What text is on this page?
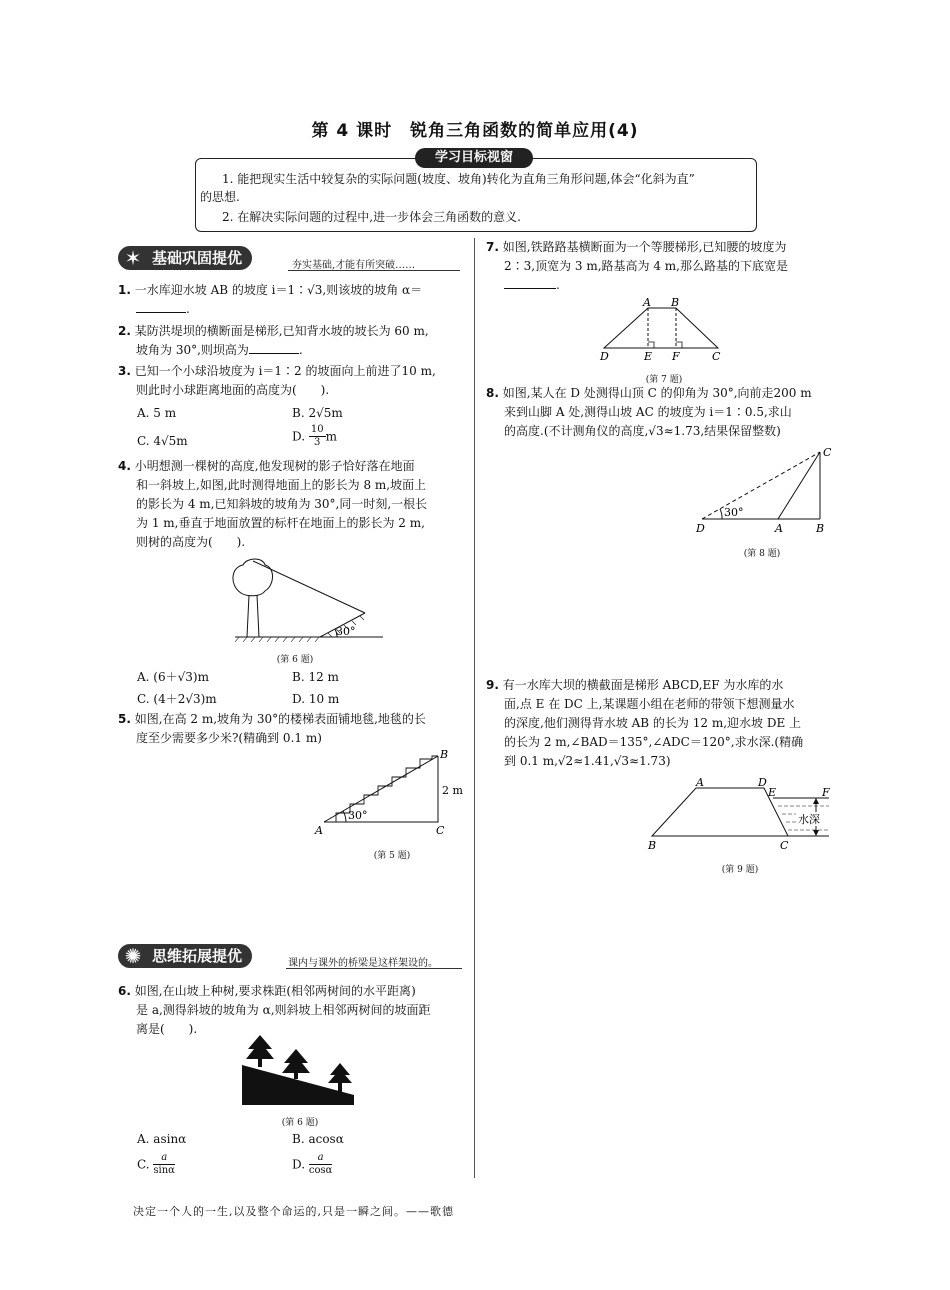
第 4 课时　锐角三角函数的简单应用(4)
学习目标视窗
1. 能把现实生活中较复杂的实际问题(坡度、坡角)转化为直角三角形问题,体会“化斜为直”
的思想.
2. 在解决实际问题的过程中,进一步体会三角函数的意义.
基础巩固提优
✶	夯实基础,才能有所突破……
1. 一水库迎水坡 AB 的坡度 i＝1∶√3,则该坡的坡角 α＝
.
2. 某防洪堤坝的横断面是梯形,已知背水坡的坡长为 60 m,
坡角为 30°,则坝高为	.
3. 已知一个小球沿坡度为 i＝1∶2 的坡面向上前进了10 m,
则此时小球距离地面的高度为(　　).
A. 5 m	B. 2√5m
C. 4√5m	D. $\frac{10}{3}$ m
4. 小明想测一棵树的高度,他发现树的影子恰好落在地面
和一斜坡上,如图,此时测得地面上的影长为 8 m,坡面上
的影长为 4 m,已知斜坡的坡角为 30°,同一时刻,一根长
为 1 m,垂直于地面放置的标杆在地面上的影长为 2 m,
则树的高度为(　　).
30°
(第 6 题)
A. (6＋√3)m	B. 12 m
C. (4＋2√3)m	D. 10 m
5. 如图,在高 2 m,坡角为 30°的楼梯表面铺地毯,地毯的长
度至少需要多少米?(精确到 0.1 m)
30°
A	C
B
2 m
(第 5 题)
思维拓展提优
✺	课内与课外的桥梁是这样架设的。
6. 如图,在山坡上种树,要求株距(相邻两树间的水平距离)
是 a,测得斜坡的坡角为 α,则斜坡上相邻两树间的坡面距
离是(　　).
(第 6 题)
A. asinα	B. acosα
C. $\frac{a}{\sin\alpha}$	D. $\frac{a}{\cos\alpha}$
7. 如图,铁路路基横断面为一个等腰梯形,已知腰的坡度为
2∶3,顶宽为 3 m,路基高为 4 m,那么路基的下底宽是
.
A B
D	E F	C
(第 7 题)
8. 如图,某人在 D 处测得山顶 C 的仰角为 30°,向前走200 m
来到山脚 A 处,测得山坡 AC 的坡度为 i＝1∶0.5,求山
的高度.(不计测角仪的高度,√3≈1.73,结果保留整数)
30°
D	A	B
C
(第 8 题)
9. 有一水库大坝的横截面是梯形 ABCD,EF 为水库的水
面,点 E 在 DC 上,某课题小组在老师的带领下想测量水
的深度,他们测得背水坡 AB 的长为 12 m,迎水坡 DE 上
的长为 2 m,∠BAD＝135°,∠ADC＝120°,求水深.(精确
到 0.1 m,√2≈1.41,√3≈1.73)
水深
A	D
E	F
B	C
(第 9 题)
决定一个人的一生,以及整个命运的,只是一瞬之间。——歌德
